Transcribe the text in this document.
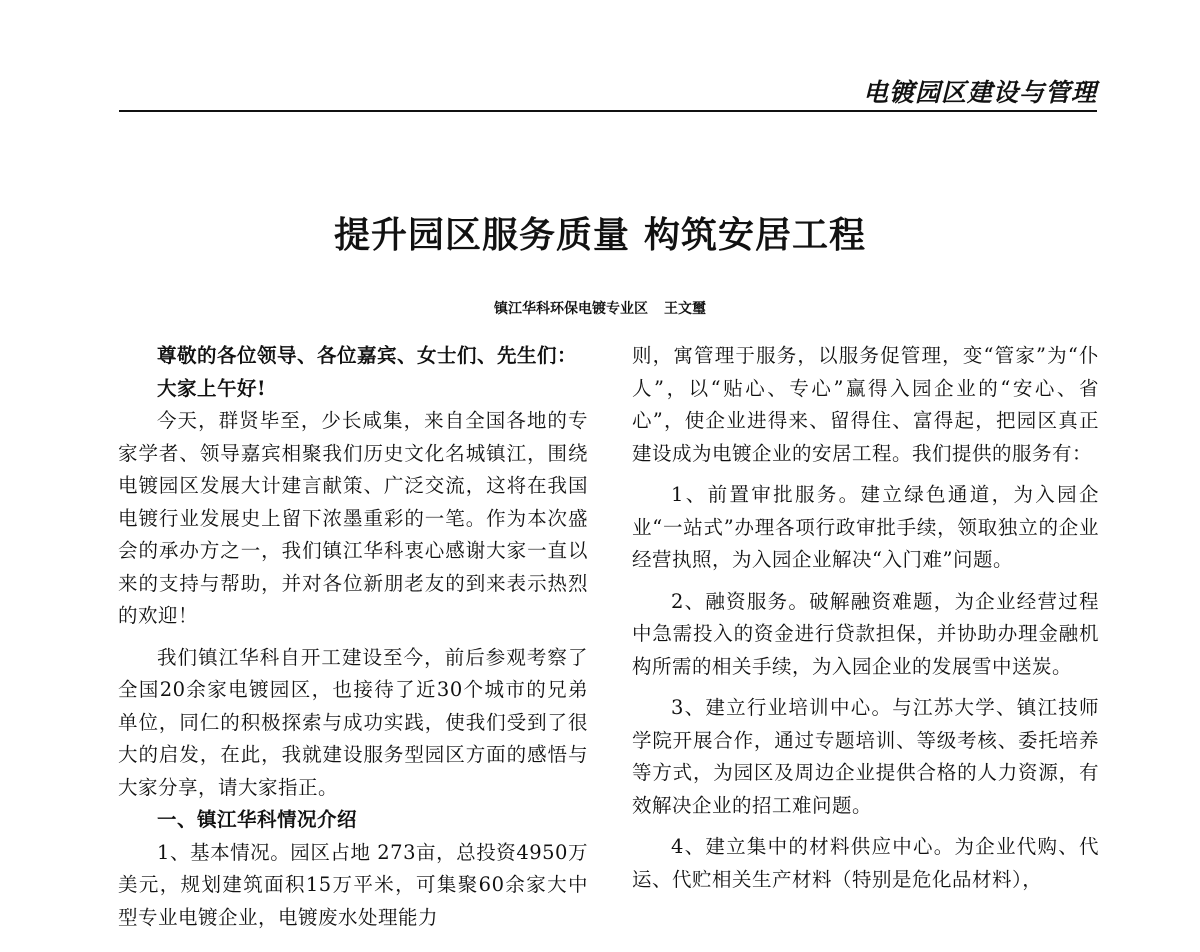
电镀园区建设与管理
提升园区服务质量 构筑安居工程
镇江华科环保电镀专业区 王文璽

尊敬的各位领导、各位嘉宾、女士们、先生们：

大家上午好!

今天，群贤毕至，少长咸集，来自全国各地的专家学者、领导嘉宾相聚我们历史文化名城镇江，围绕电镀园区发展大计建言献策、广泛交流，这将在我国电镀行业发展史上留下浓墨重彩的一笔。作为本次盛会的承办方之一，我们镇江华科衷心感谢大家一直以来的支持与帮助，并对各位新朋老友的到来表示热烈的欢迎！

我们镇江华科自开工建设至今，前后参观考察了全国20余家电镀园区，也接待了近30个城市的兄弟单位，同仁的积极探索与成功实践，使我们受到了很大的启发，在此，我就建设服务型园区方面的感悟与大家分享，请大家指正。

一、镇江华科情况介绍

1、基本情况。园区占地 273亩，总投资4950万美元，规划建筑面积15万平米，可集聚60余家大中型专业电镀企业，电镀废水处理能力

则，寓管理于服务，以服务促管理，变“管家”为“仆人”，以“贴心、专心”赢得入园企业的“安心、省心”，使企业进得来、留得住、富得起，把园区真正建设成为电镀企业的安居工程。我们提供的服务有：

1、前置审批服务。建立绿色通道，为入园企业“一站式”办理各项行政审批手续，领取独立的企业经营执照，为入园企业解决“入门难”问题。

2、融资服务。破解融资难题，为企业经营过程中急需投入的资金进行贷款担保，并协助办理金融机构所需的相关手续，为入园企业的发展雪中送炭。

3、建立行业培训中心。与江苏大学、镇江技师学院开展合作，通过专题培训、等级考核、委托培养等方式，为园区及周边企业提供合格的人力资源，有效解决企业的招工难问题。

4、建立集中的材料供应中心。为企业代购、代运、代贮相关生产材料（特别是危化品材料），
